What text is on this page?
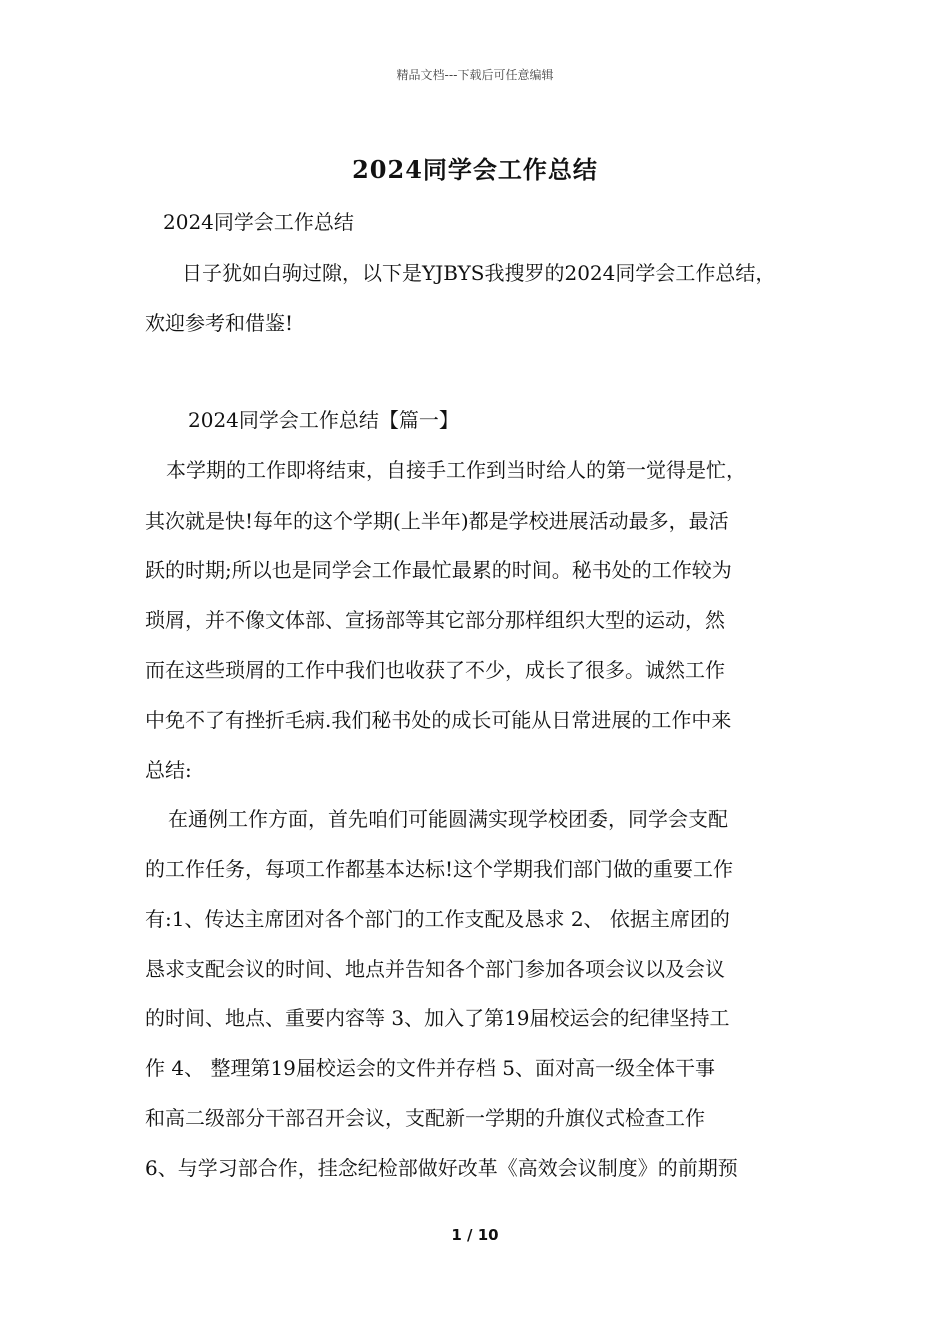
精品文档---下载后可任意编辑
2024同学会工作总结
2024同学会工作总结
日子犹如白驹过隙，以下是YJBYS我搜罗的2024同学会工作总结，
欢迎参考和借鉴!
2024同学会工作总结【篇一】
本学期的工作即将结束，自接手工作到当时给人的第一觉得是忙，
其次就是快!每年的这个学期(上半年)都是学校进展活动最多，最活
跃的时期;所以也是同学会工作最忙最累的时间。秘书处的工作较为
琐屑，并不像文体部、宣扬部等其它部分那样组织大型的运动，然
而在这些琐屑的工作中我们也收获了不少，成长了很多。诚然工作
中免不了有挫折毛病.我们秘书处的成长可能从日常进展的工作中来
总结:
在通例工作方面，首先咱们可能圆满实现学校团委，同学会支配
的工作任务，每项工作都基本达标!这个学期我们部门做的重要工作
有:1、传达主席团对各个部门的工作支配及恳求 2、 依据主席团的
恳求支配会议的时间、地点并告知各个部门参加各项会议以及会议
的时间、地点、重要内容等 3、加入了第19届校运会的纪律坚持工
作 4、 整理第19届校运会的文件并存档 5、面对高一级全体干事
和高二级部分干部召开会议，支配新一学期的升旗仪式检查工作
6、与学习部合作，挂念纪检部做好改革《高效会议制度》的前期预
1 / 10
